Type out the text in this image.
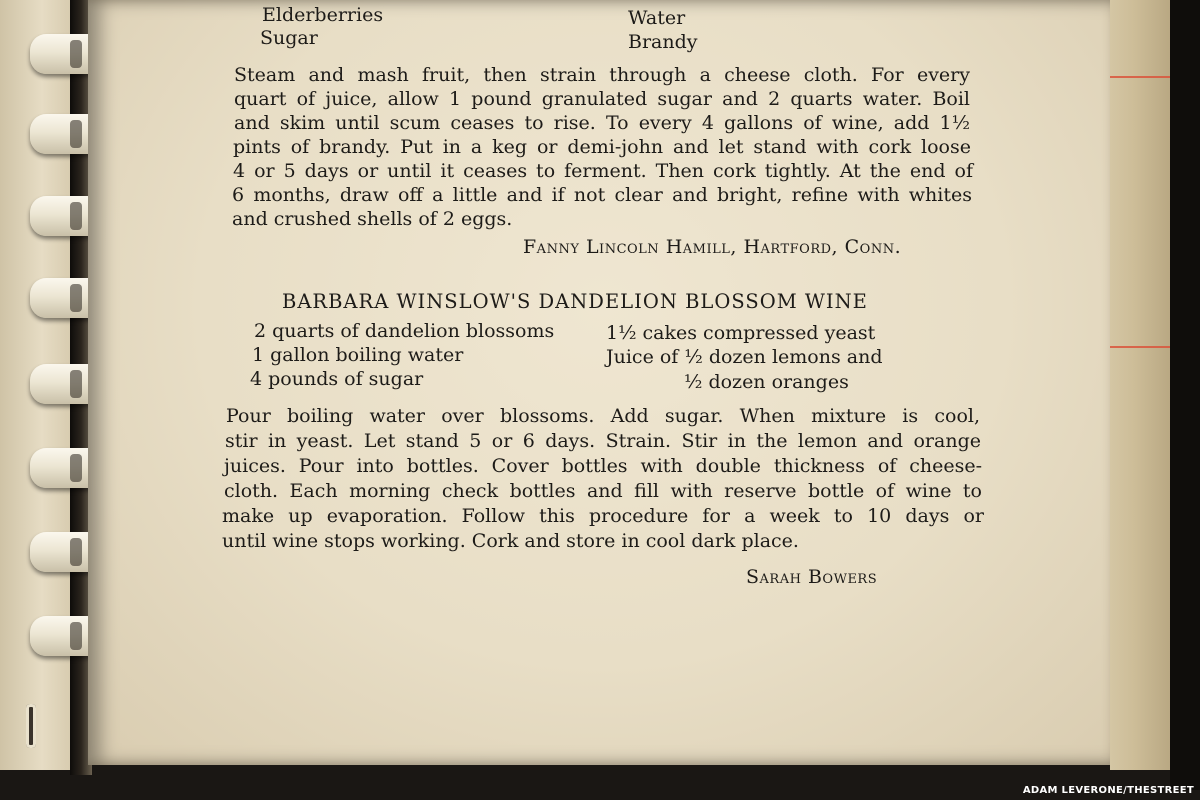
Elderberries
Sugar
Water
Brandy

Steam and mash fruit, then strain through a cheese cloth. For every

quart of juice, allow 1 pound granulated sugar and 2 quarts water. Boil

and skim until scum ceases to rise. To every 4 gallons of wine, add 1½

pints of brandy. Put in a keg or demi-john and let stand with cork loose

4 or 5 days or until it ceases to ferment. Then cork tightly. At the end of

6 months, draw off a little and if not clear and bright, refine with whites

and crushed shells of 2 eggs.

Fanny Lincoln Hamill, Hartford, Conn.
BARBARA WINSLOW'S DANDELION BLOSSOM WINE
2 quarts of dandelion blossoms
1 gallon boiling water
4 pounds of sugar
1½ cakes compressed yeast
Juice of ½ dozen lemons and
½ dozen oranges

Pour boiling water over blossoms. Add sugar. When mixture is cool,

stir in yeast. Let stand 5 or 6 days. Strain. Stir in the lemon and orange

juices. Pour into bottles. Cover bottles with double thickness of cheese-

cloth. Each morning check bottles and fill with reserve bottle of wine to

make up evaporation. Follow this procedure for a week to 10 days or

until wine stops working. Cork and store in cool dark place.

Sarah Bowers
ADAM LEVERONE/THESTREET
